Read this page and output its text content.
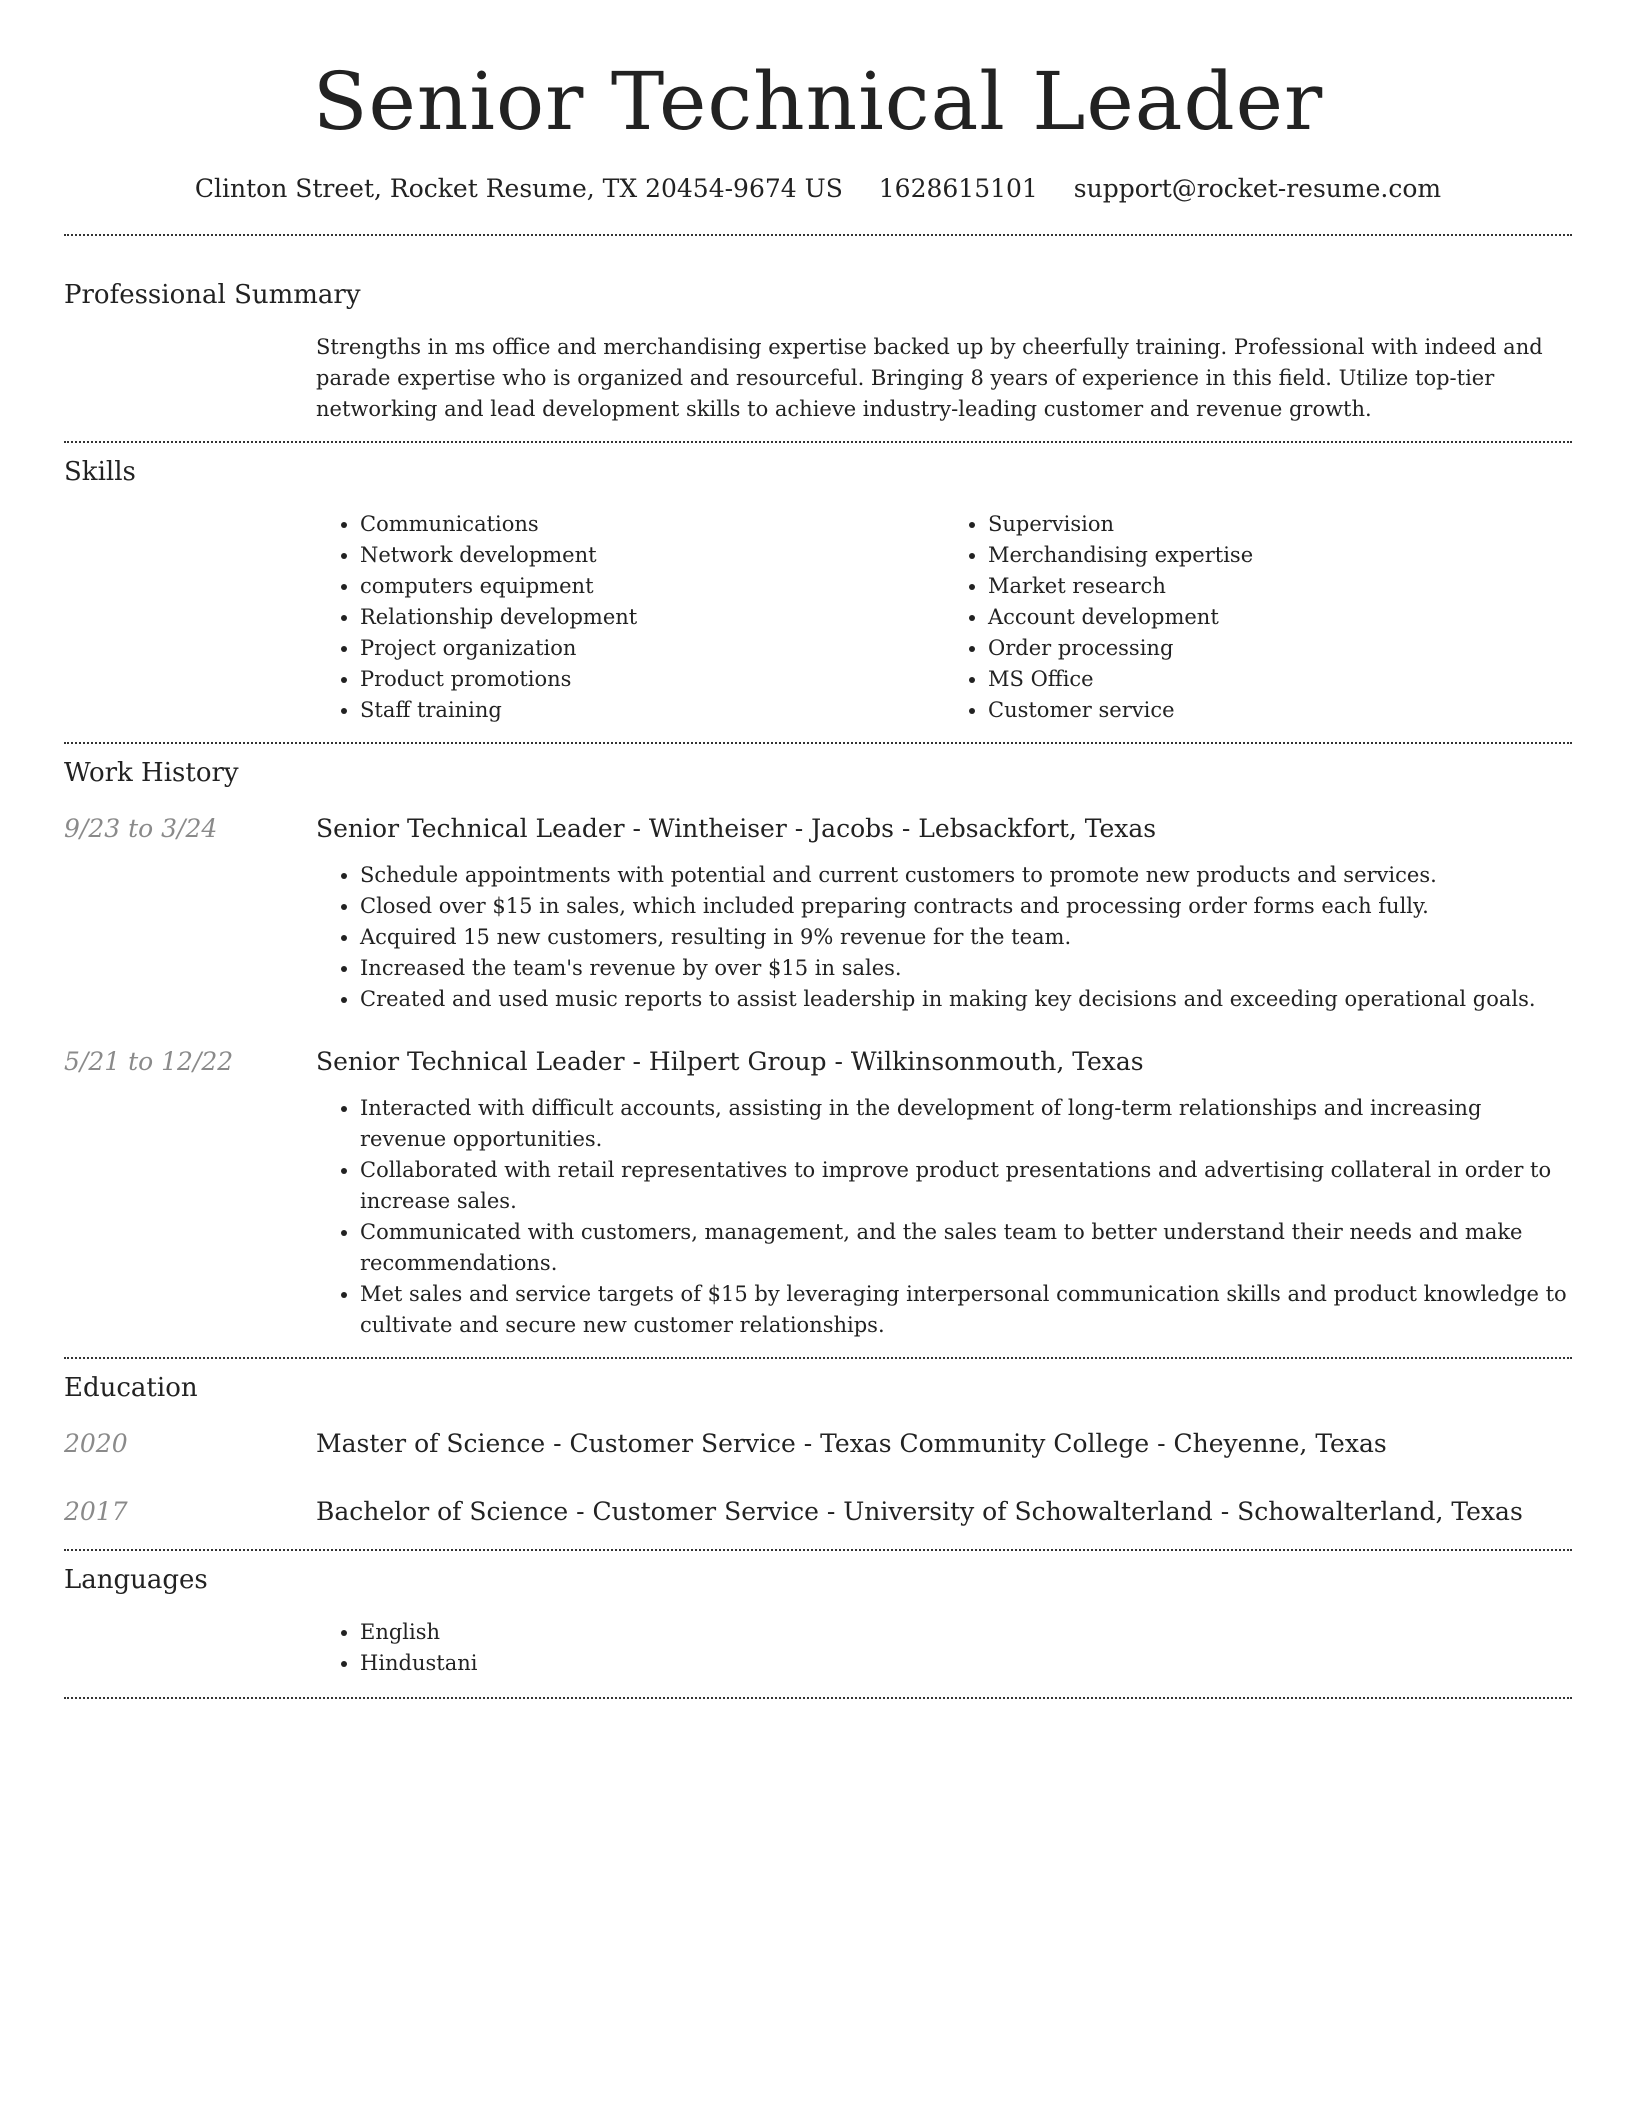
Senior Technical Leader
Clinton Street, Rocket Resume, TX 20454-9674 US 1628615101 support@rocket-resume.com
Professional Summary
Strengths in ms office and merchandising expertise backed up by cheerfully training. Professional with indeed and parade expertise who is organized and resourceful. Bringing 8 years of experience in this field. Utilize top-tier networking and lead development skills to achieve industry-leading customer and revenue growth.
Skills
• Communications
• Network development
• computers equipment
• Relationship development
• Project organization
• Product promotions
• Staff training
• Supervision
• Merchandising expertise
• Market research
• Account development
• Order processing
• MS Office
• Customer service
Work History
9/23 to 3/24	Senior Technical Leader - Wintheiser - Jacobs - Lebsackfort, Texas
• Schedule appointments with potential and current customers to promote new products and services.
• Closed over $15 in sales, which included preparing contracts and processing order forms each fully.
• Acquired 15 new customers, resulting in 9% revenue for the team.
• Increased the team's revenue by over $15 in sales.
• Created and used music reports to assist leadership in making key decisions and exceeding operational goals.
5/21 to 12/22	Senior Technical Leader - Hilpert Group - Wilkinsonmouth, Texas
• Interacted with difficult accounts, assisting in the development of long-term relationships and increasing revenue opportunities.
• Collaborated with retail representatives to improve product presentations and advertising collateral in order to increase sales.
• Communicated with customers, management, and the sales team to better understand their needs and make recommendations.
• Met sales and service targets of $15 by leveraging interpersonal communication skills and product knowledge to cultivate and secure new customer relationships.
Education
2020	Master of Science - Customer Service - Texas Community College - Cheyenne, Texas
2017	Bachelor of Science - Customer Service - University of Schowalterland - Schowalterland, Texas
Languages
• English
• Hindustani
